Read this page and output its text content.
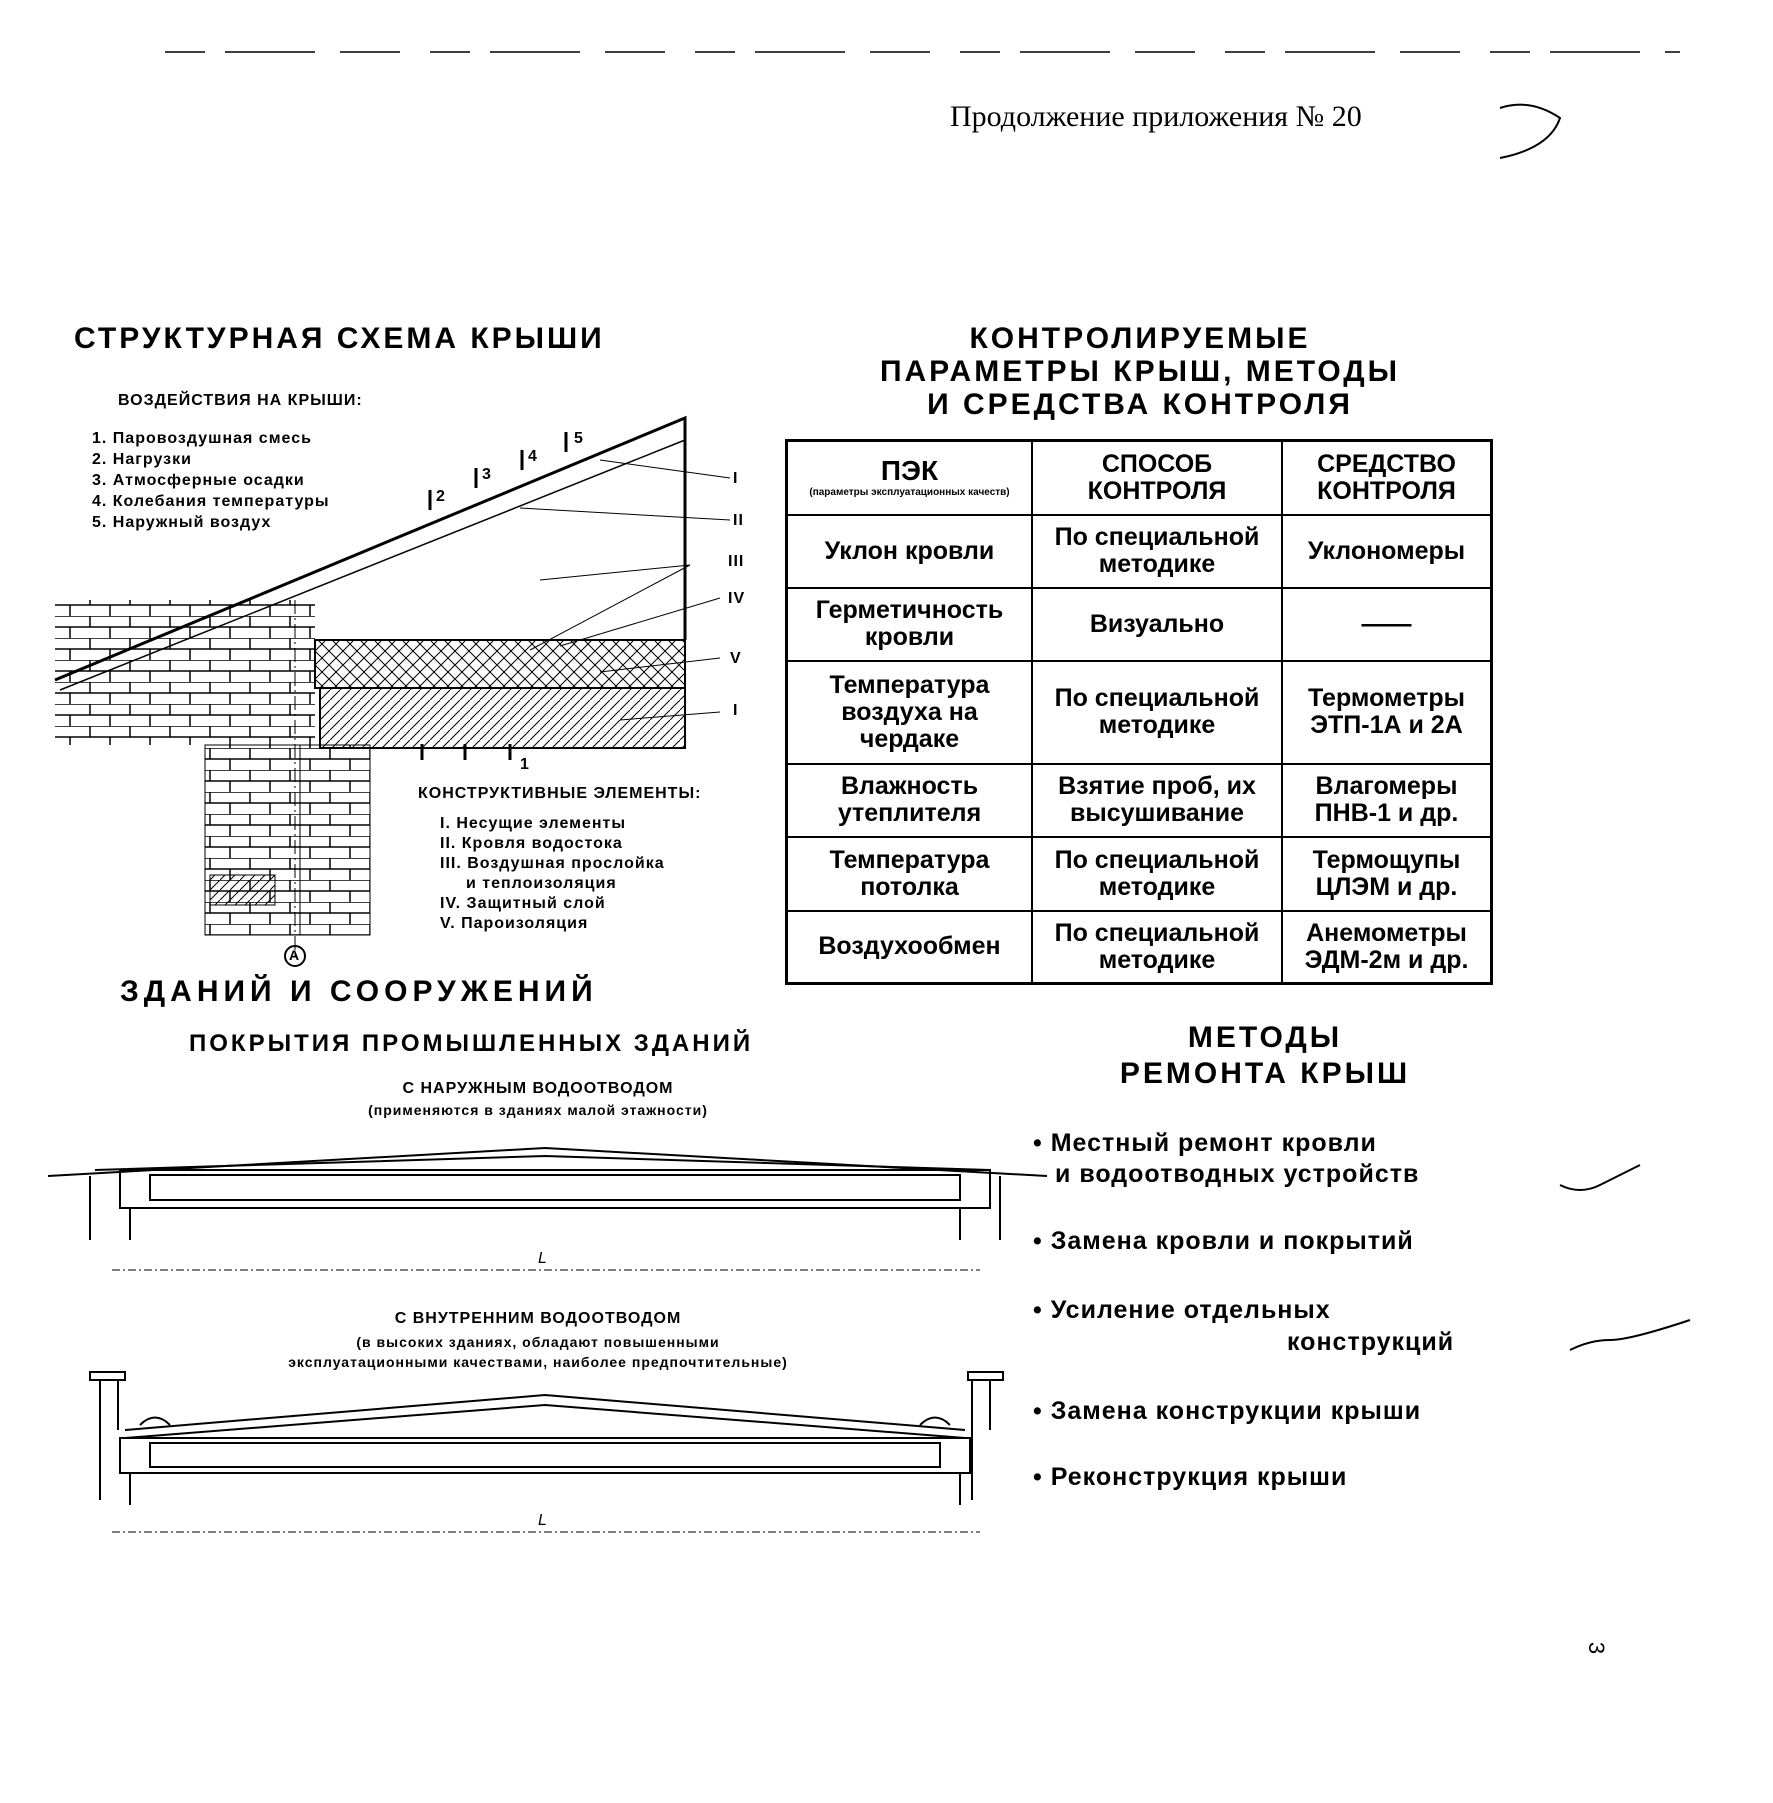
Продолжение приложения № 20
СТРУКТУРНАЯ СХЕМА КРЫШИ
ВОЗДЕЙСТВИЯ НА КРЫШИ:
1. Паровоздушная смесь
2. Нагрузки
3. Атмосферные осадки
4. Колебания температуры
5. Наружный воздух
1
2
3
4
5
I
II
III
IV
V
I
A
КОНСТРУКТИВНЫЕ ЭЛЕМЕНТЫ:
I. Несущие элементы
II. Кровля водостока
III. Воздушная прослойка
и теплоизоляция
IV. Защитный слой
V. Пароизоляция
КОНТРОЛИРУЕМЫЕ
ПАРАМЕТРЫ КРЫШ, МЕТОДЫ
И СРЕДСТВА КОНТРОЛЯ
ПЭК
(параметры эксплуатационных качеств)	СПОСОБ КОНТРОЛЯ	СРЕДСТВО КОНТРОЛЯ
Уклон кровли	По специальной методике	Уклономеры
Герметичность кровли	Визуально	——
Температура воздуха на чердаке	По специальной методике	Термометры ЭТП-1А и 2А
Влажность утеплителя	Взятие проб, их высушивание	Влагомеры ПНВ-1 и др.
Температура потолка	По специальной методике	Термощупы ЦЛЭМ и др.
Воздухообмен	По специальной методике	Анемометры ЭДМ-2м и др.
ЗДАНИЙ И СООРУЖЕНИЙ
ПОКРЫТИЯ ПРОМЫШЛЕННЫХ ЗДАНИЙ
С НАРУЖНЫМ ВОДООТВОДОМ
(применяются в зданиях малой этажности)
L
С ВНУТРЕННИМ ВОДООТВОДОМ
(в высоких зданиях, обладают повышенными
эксплуатационными качествами, наиболее предпочтительные)
L
МЕТОДЫ
РЕМОНТА КРЫШ
• Местный ремонт кровли
и водоотводных устройств
• Замена кровли и покрытий
• Усиление отдельных
конструкций
• Замена конструкции крыши
• Реконструкция крыши
3
